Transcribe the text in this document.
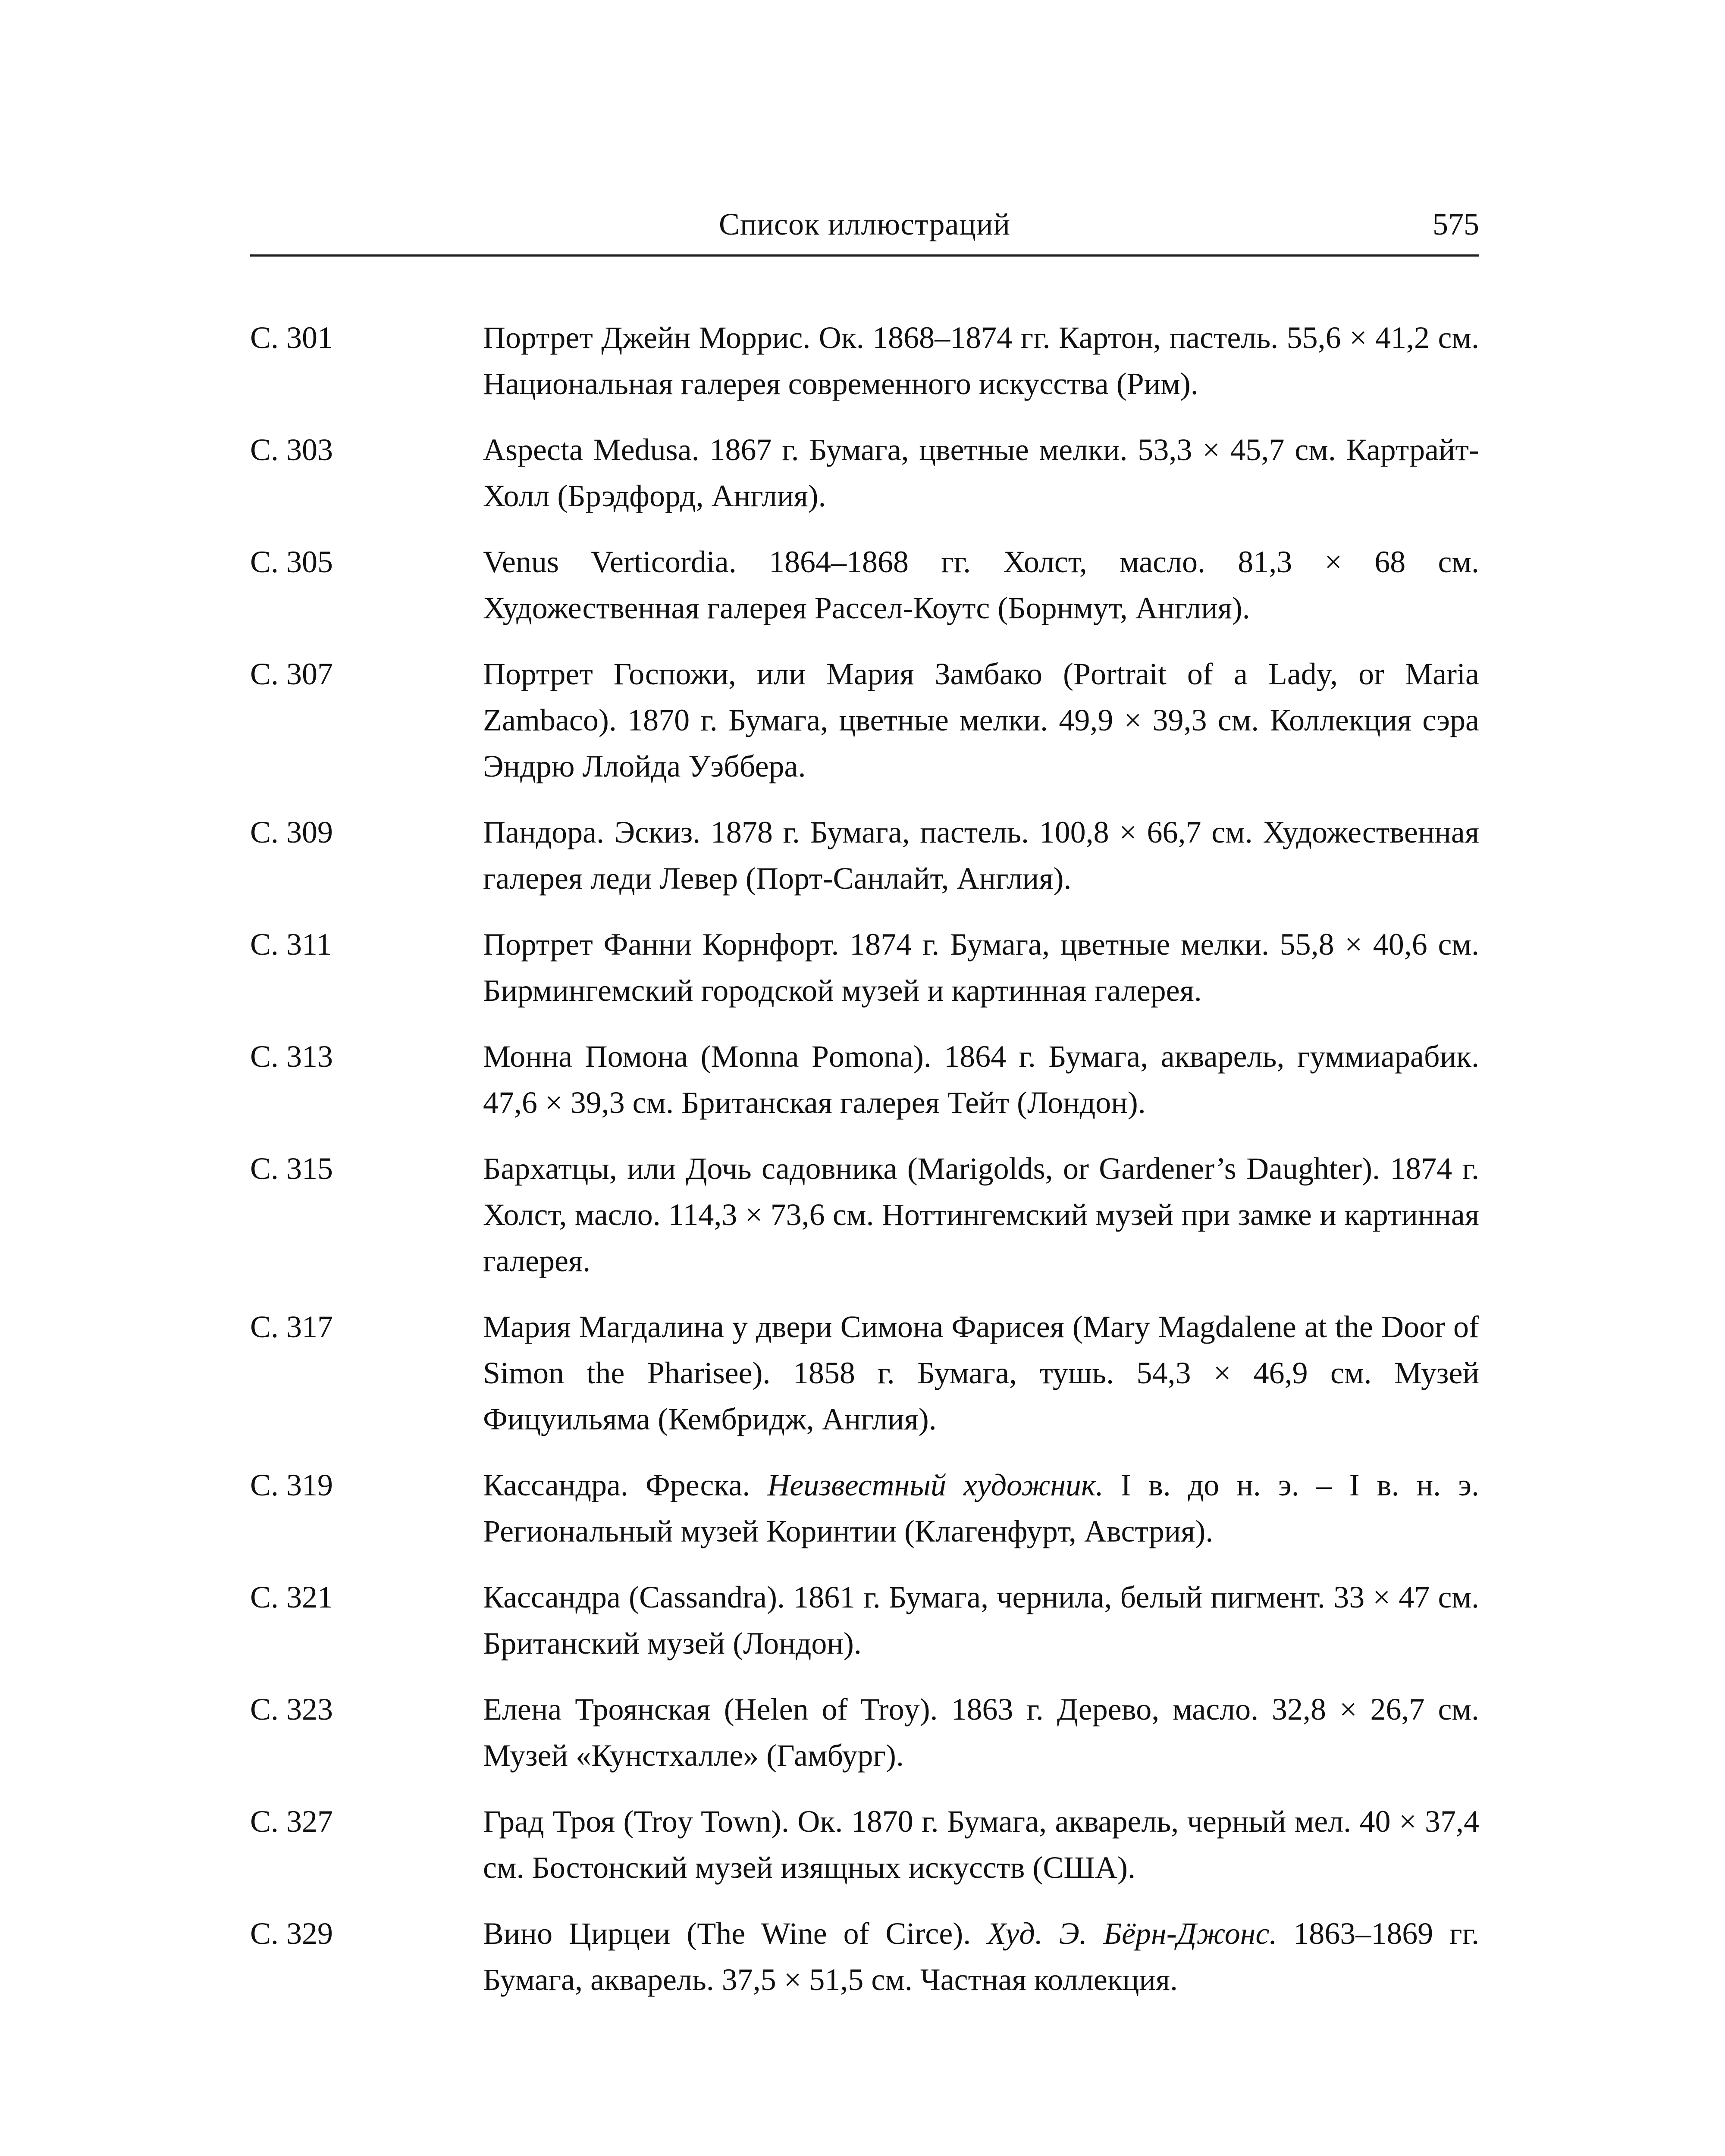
Список иллюстраций	575
С. 301	Портрет Джейн Моррис. Ок. 1868–1874 гг. Картон, пастель. 55,6 × 41,2 см. Национальная галерея современного искусства (Рим).
С. 303	Aspecta Medusa. 1867 г. Бумага, цветные мелки. 53,3 × 45,7 см. Картрайт-Холл (Брэдфорд, Англия).
С. 305	Venus Verticordia. 1864–1868 гг. Холст, масло. 81,3 × 68 см. Художественная галерея Рассел-Коутс (Борнмут, Англия).
С. 307	Портрет Госпожи, или Мария Замбако (Portrait of a Lady, or Maria Zambaco). 1870 г. Бумага, цветные мелки. 49,9 × 39,3 см. Коллекция сэра Эндрю Ллойда Уэббера.
С. 309	Пандора. Эскиз. 1878 г. Бумага, пастель. 100,8 × 66,7 см. Художественная галерея леди Левер (Порт-Санлайт, Англия).
С. 311	Портрет Фанни Корнфорт. 1874 г. Бумага, цветные мелки. 55,8 × 40,6 см. Бирмингемский городской музей и картинная галерея.
С. 313	Монна Помона (Monna Pomona). 1864 г. Бумага, акварель, гуммиарабик. 47,6 × 39,3 см. Британская галерея Тейт (Лондон).
С. 315	Бархатцы, или Дочь садовника (Marigolds, or Gardener’s Daughter). 1874 г. Холст, масло. 114,3 × 73,6 см. Ноттингемский музей при замке и картинная галерея.
С. 317	Мария Магдалина у двери Симона Фарисея (Mary Magdalene at the Door of Simon the Pharisee). 1858 г. Бумага, тушь. 54,3 × 46,9 см. Музей Фицуильяма (Кембридж, Англия).
С. 319	Кассандра. Фреска. Неизвестный художник. I в. до н. э. – I в. н. э. Региональный музей Коринтии (Клагенфурт, Австрия).
С. 321	Кассандра (Cassandra). 1861 г. Бумага, чернила, белый пигмент. 33 × 47 см. Британский музей (Лондон).
С. 323	Елена Троянская (Helen of Troy). 1863 г. Дерево, масло. 32,8 × 26,7 см. Музей «Кунстхалле» (Гамбург).
С. 327	Град Троя (Troy Town). Ок. 1870 г. Бумага, акварель, черный мел. 40 × 37,4 см. Бостонский музей изящных искусств (США).
С. 329	Вино Цирцеи (The Wine of Circe). Худ. Э. Бёрн-Джонс. 1863–1869 гг. Бумага, акварель. 37,5 × 51,5 см. Частная коллекция.
